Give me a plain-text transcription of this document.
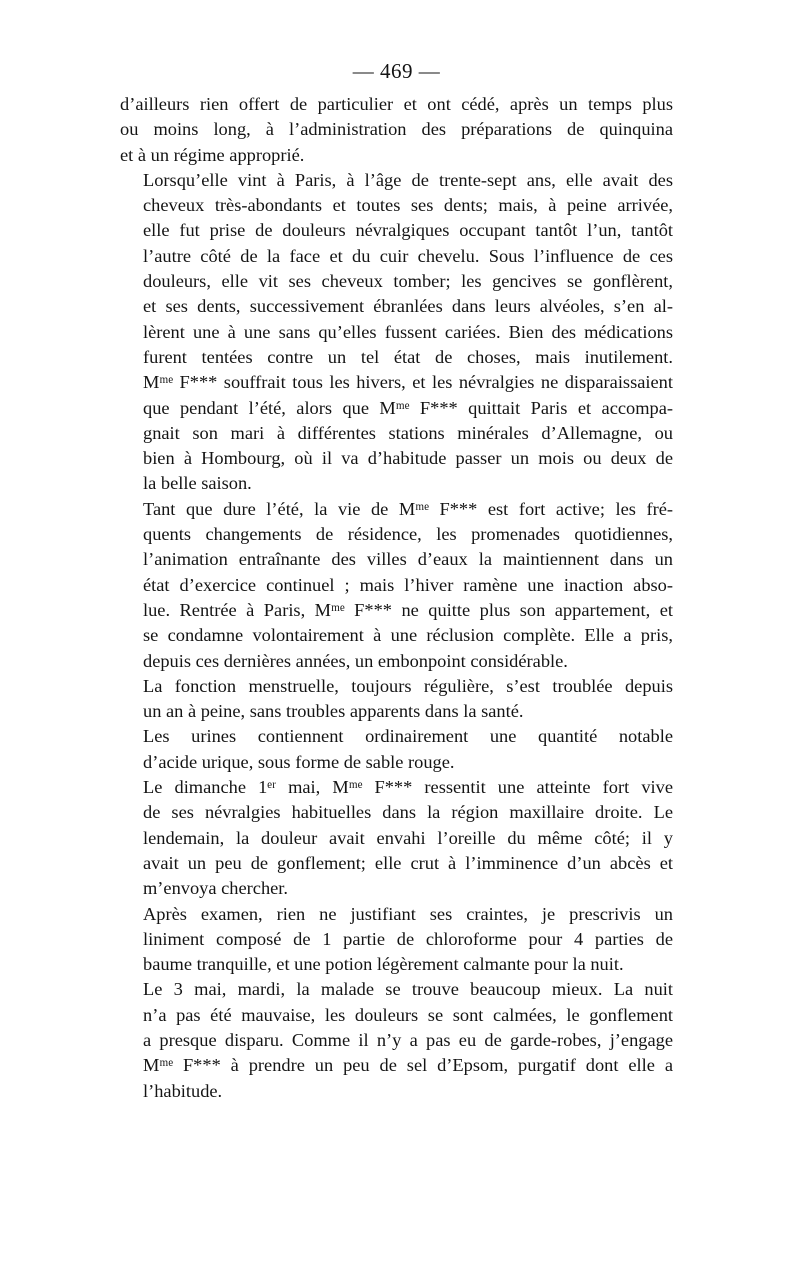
— 469 —

d’ailleurs rien offert de particulier et ont cédé, après un temps plus
ou moins long, à l’administration des préparations de quinquina
et à un régime approprié.

Lorsqu’elle vint à Paris, à l’âge de trente-sept ans, elle avait des
cheveux très-abondants et toutes ses dents; mais, à peine arrivée,
elle fut prise de douleurs névralgiques occupant tantôt l’un, tantôt
l’autre côté de la face et du cuir chevelu. Sous l’influence de ces
douleurs, elle vit ses cheveux tomber; les gencives se gonflèrent,
et ses dents, successivement ébranlées dans leurs alvéoles, s’en al-
lèrent une à une sans qu’elles fussent cariées. Bien des médications
furent tentées contre un tel état de choses, mais inutilement.
Mᵐᵉ F*** souffrait tous les hivers, et les névralgies ne disparaissaient
que pendant l’été, alors que Mᵐᵉ F*** quittait Paris et accompa-
gnait son mari à différentes stations minérales d’Allemagne, ou
bien à Hombourg, où il va d’habitude passer un mois ou deux de
la belle saison.

Tant que dure l’été, la vie de Mᵐᵉ F*** est fort active; les fré-
quents changements de résidence, les promenades quotidiennes,
l’animation entraînante des villes d’eaux la maintiennent dans un
état d’exercice continuel ; mais l’hiver ramène une inaction abso-
lue. Rentrée à Paris, Mᵐᵉ F*** ne quitte plus son appartement, et
se condamne volontairement à une réclusion complète. Elle a pris,
depuis ces dernières années, un embonpoint considérable.

La fonction menstruelle, toujours régulière, s’est troublée depuis
un an à peine, sans troubles apparents dans la santé.

Les urines contiennent ordinairement une quantité notable
d’acide urique, sous forme de sable rouge.

Le dimanche 1ᵉʳ mai, Mᵐᵉ F*** ressentit une atteinte fort vive
de ses névralgies habituelles dans la région maxillaire droite. Le
lendemain, la douleur avait envahi l’oreille du même côté; il y
avait un peu de gonflement; elle crut à l’imminence d’un abcès et
m’envoya chercher.

Après examen, rien ne justifiant ses craintes, je prescrivis un
liniment composé de 1 partie de chloroforme pour 4 parties de
baume tranquille, et une potion légèrement calmante pour la nuit.

Le 3 mai, mardi, la malade se trouve beaucoup mieux. La nuit
n’a pas été mauvaise, les douleurs se sont calmées, le gonflement
a presque disparu. Comme il n’y a pas eu de garde-robes, j’engage
Mᵐᵉ F*** à prendre un peu de sel d’Epsom, purgatif dont elle a
l’habitude.
